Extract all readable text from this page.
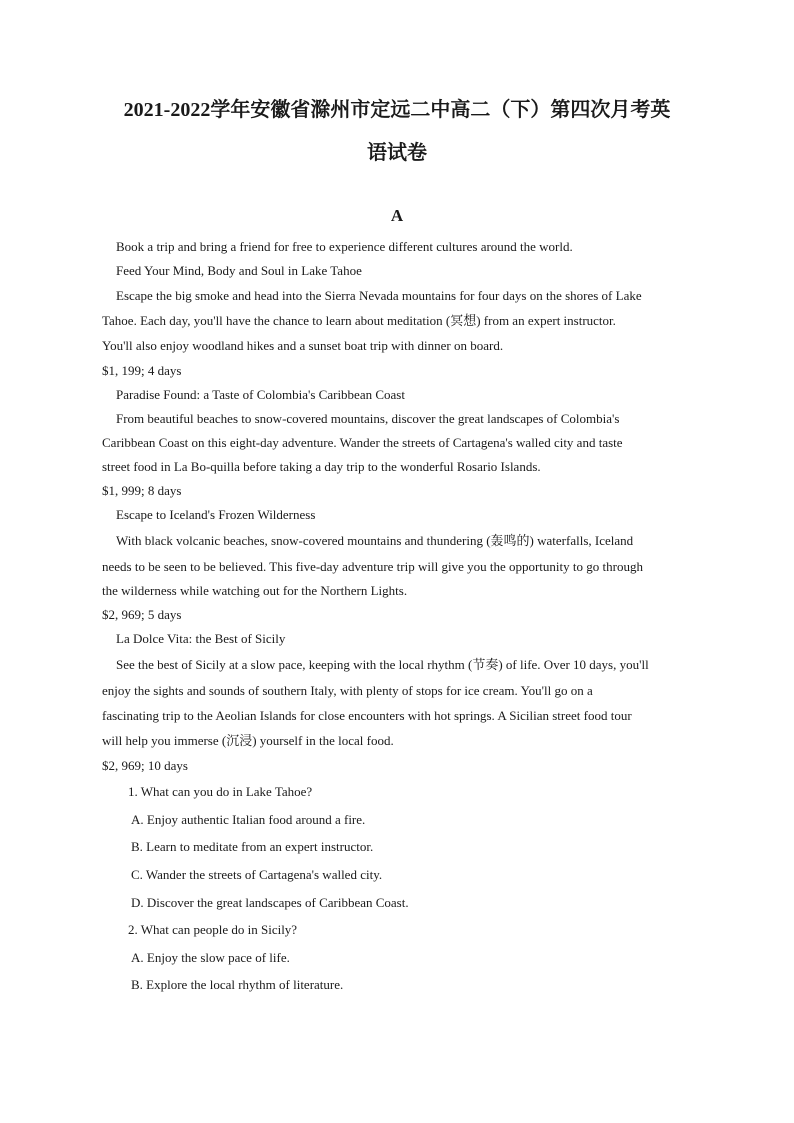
2021-2022学年安徽省滁州市定远二中高二（下）第四次月考英
语试卷
A
Book a trip and bring a friend for free to experience different cultures around the world.
Feed Your Mind, Body and Soul in Lake Tahoe
Escape the big smoke and head into the Sierra Nevada mountains for four days on the shores of Lake
Tahoe. Each day, you'll have the chance to learn about meditation (冥想) from an expert instructor.
You'll also enjoy woodland hikes and a sunset boat trip with dinner on board.
$1, 199; 4 days
Paradise Found: a Taste of Colombia's Caribbean Coast
From beautiful beaches to snow-covered mountains, discover the great landscapes of Colombia's
Caribbean Coast on this eight-day adventure. Wander the streets of Cartagena's walled city and taste
street food in La Bo-quilla before taking a day trip to the wonderful Rosario Islands.
$1, 999; 8 days
Escape to Iceland's Frozen Wilderness
With black volcanic beaches, snow-covered mountains and thundering (轰鸣的) waterfalls, Iceland
needs to be seen to be believed. This five-day adventure trip will give you the opportunity to go through
the wilderness while watching out for the Northern Lights.
$2, 969; 5 days
La Dolce Vita: the Best of Sicily
See the best of Sicily at a slow pace, keeping with the local rhythm (节奏) of life. Over 10 days, you'll
enjoy the sights and sounds of southern Italy, with plenty of stops for ice cream. You'll go on a
fascinating trip to the Aeolian Islands for close encounters with hot springs. A Sicilian street food tour
will help you immerse (沉浸) yourself in the local food.
$2, 969; 10 days
1. What can you do in Lake Tahoe?
A. Enjoy authentic Italian food around a fire.
B. Learn to meditate from an expert instructor.
C. Wander the streets of Cartagena's walled city.
D. Discover the great landscapes of Caribbean Coast.
2. What can people do in Sicily?
A. Enjoy the slow pace of life.
B. Explore the local rhythm of literature.
